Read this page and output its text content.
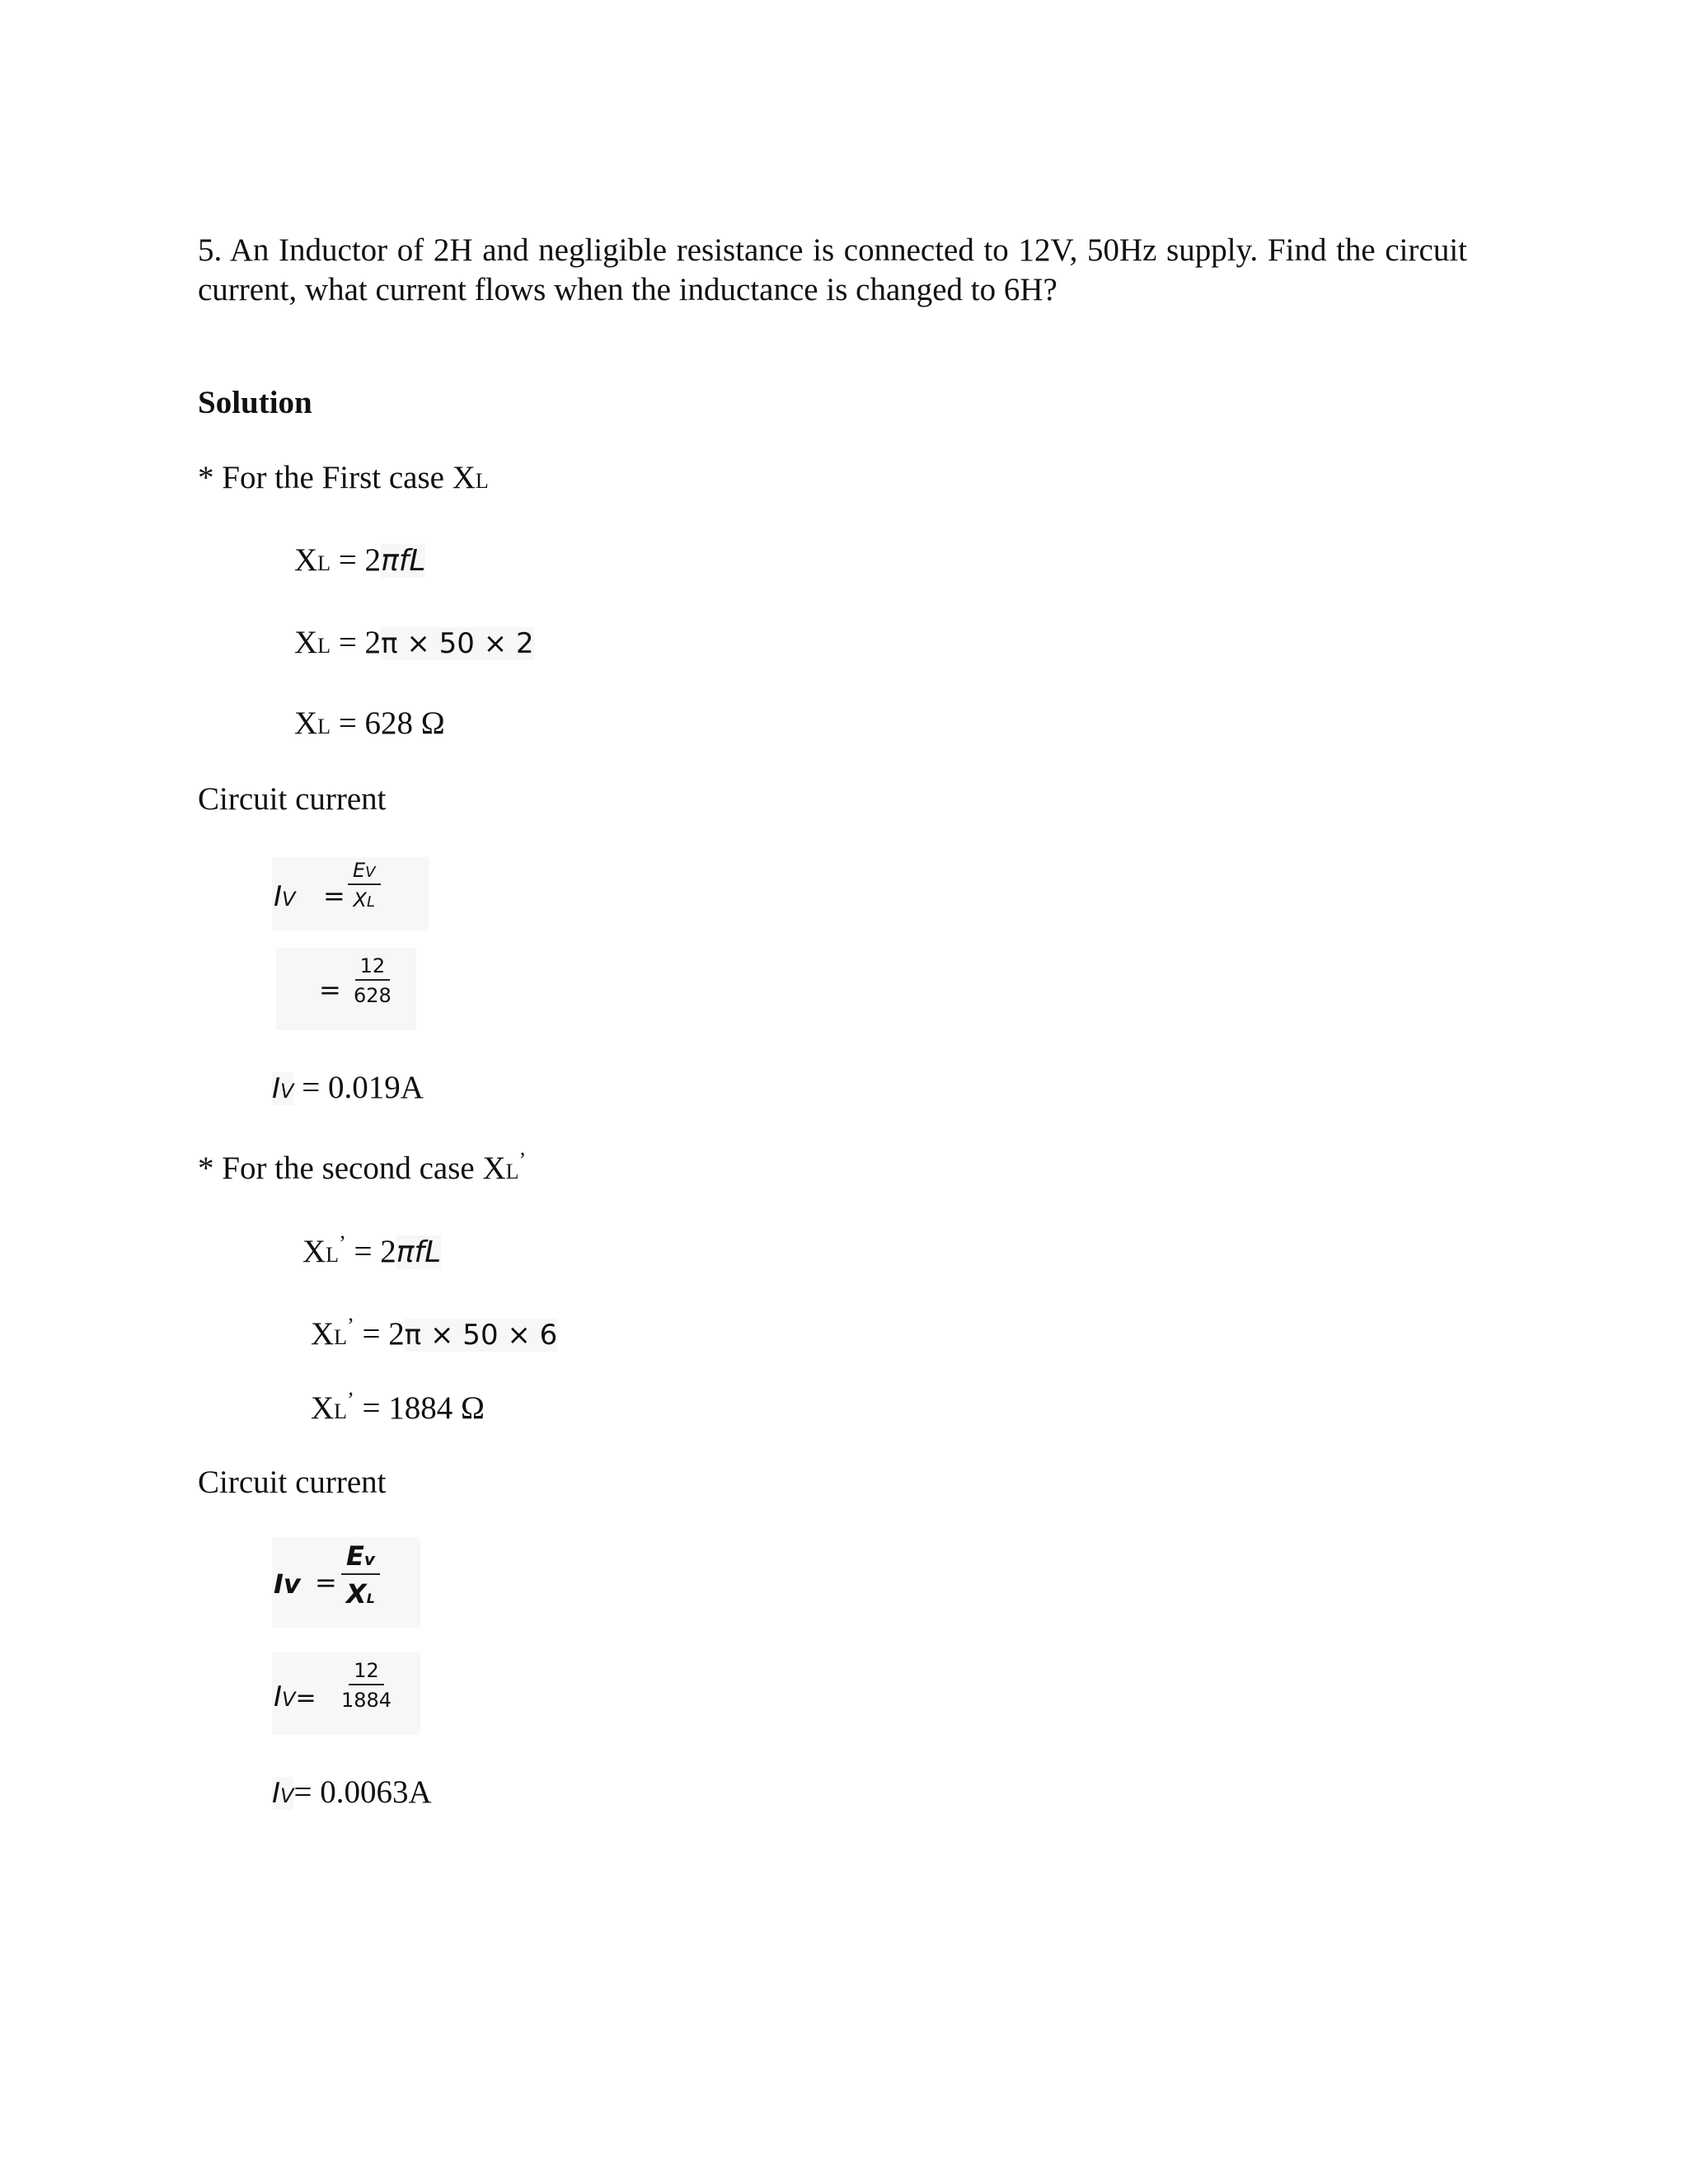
5. An Inductor of 2H and negligible resistance is connected to 12V, 50Hz supply. Find the circuit current, what current flows when the inductance is changed to 6H?
Solution
* For the First case XL
XL = 2πfL
XL = 2π × 50 × 2
XL = 628 Ω
Circuit current
IV = $\frac{EV}{XL}$
= $\frac{12}{628}$
IV = 0.019A
* For the second case XL’
XL’ = 2πfL
XL’ = 2π × 50 × 6
XL’ = 1884 Ω
Circuit current
$Iv = \frac{Ev}{XL}$
$IV= \frac{12}{1884}$
IV= 0.0063A
